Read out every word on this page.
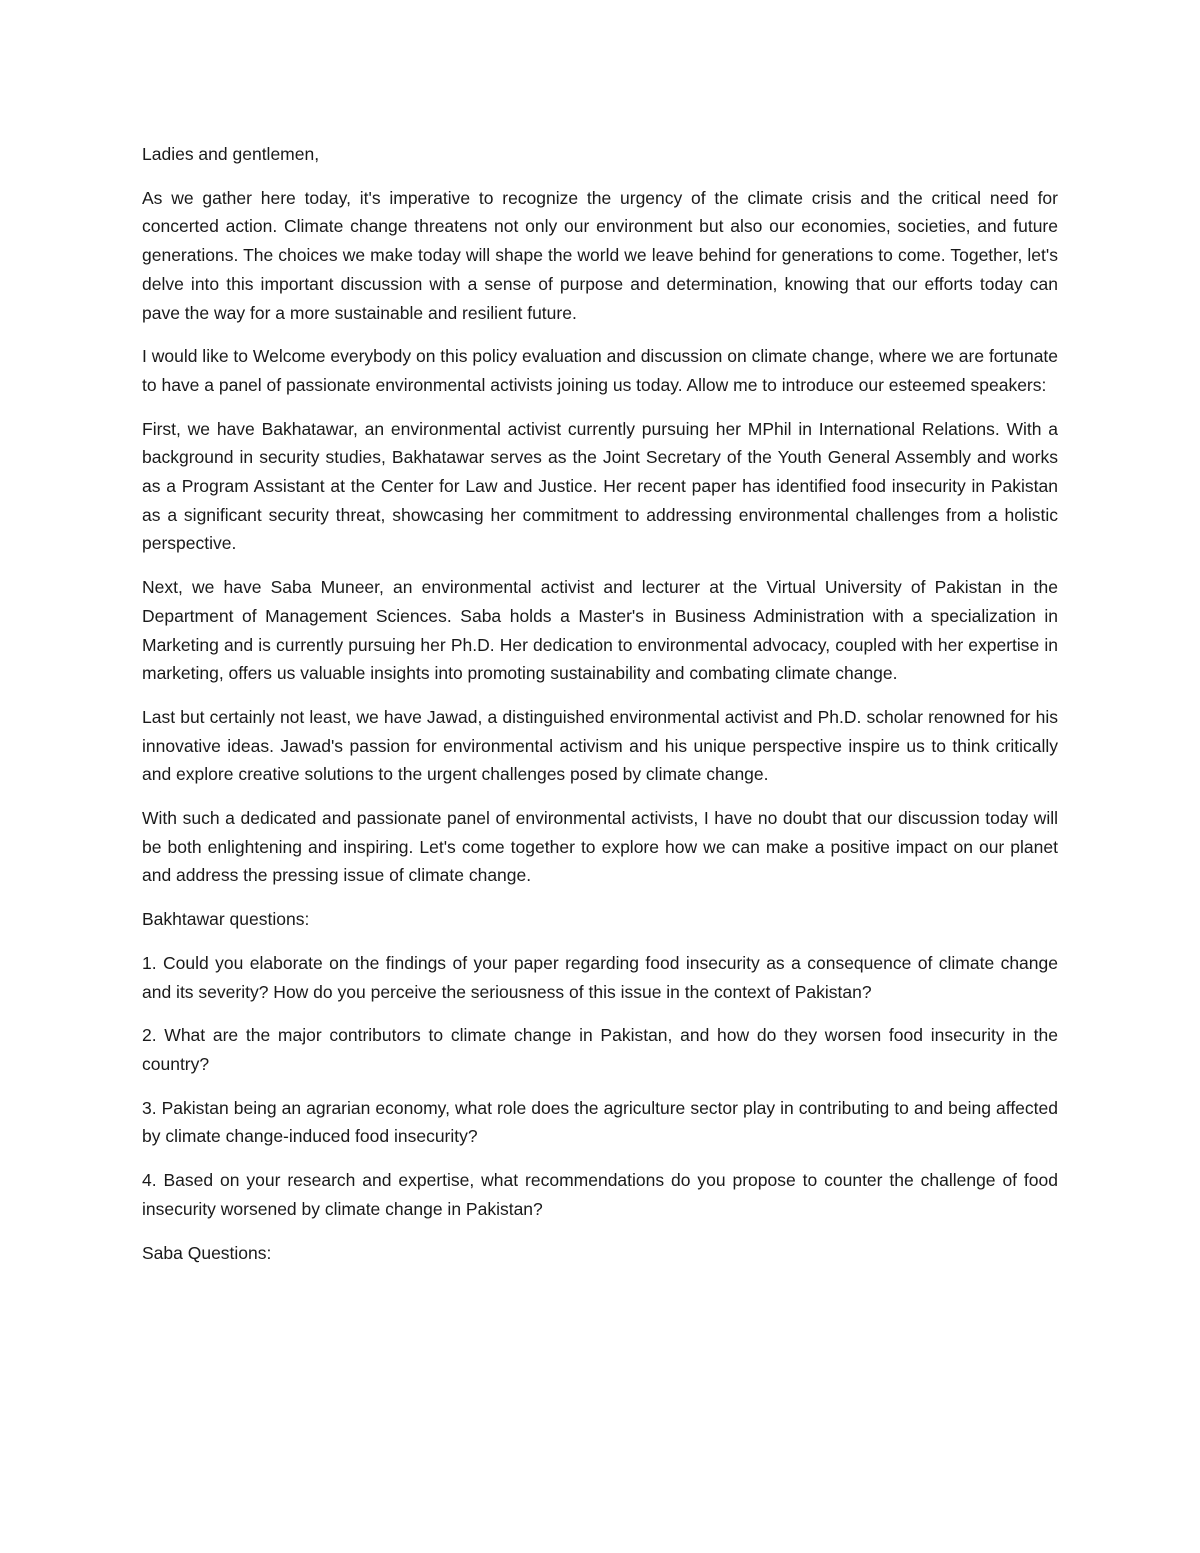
Ladies and gentlemen,

As we gather here today, it's imperative to recognize the urgency of the climate crisis and the critical need for concerted action. Climate change threatens not only our environment but also our economies, societies, and future generations. The choices we make today will shape the world we leave behind for generations to come. Together, let's delve into this important discussion with a sense of purpose and determination, knowing that our efforts today can pave the way for a more sustainable and resilient future.

I would like to Welcome everybody on this policy evaluation and discussion on climate change, where we are fortunate to have a panel of passionate environmental activists joining us today. Allow me to introduce our esteemed speakers:

First, we have Bakhatawar, an environmental activist currently pursuing her MPhil in International Relations. With a background in security studies, Bakhatawar serves as the Joint Secretary of the Youth General Assembly and works as a Program Assistant at the Center for Law and Justice. Her recent paper has identified food insecurity in Pakistan as a significant security threat, showcasing her commitment to addressing environmental challenges from a holistic perspective.

Next, we have Saba Muneer, an environmental activist and lecturer at the Virtual University of Pakistan in the Department of Management Sciences. Saba holds a Master's in Business Administration with a specialization in Marketing and is currently pursuing her Ph.D. Her dedication to environmental advocacy, coupled with her expertise in marketing, offers us valuable insights into promoting sustainability and combating climate change.

Last but certainly not least, we have Jawad, a distinguished environmental activist and Ph.D. scholar renowned for his innovative ideas. Jawad's passion for environmental activism and his unique perspective inspire us to think critically and explore creative solutions to the urgent challenges posed by climate change.

With such a dedicated and passionate panel of environmental activists, I have no doubt that our discussion today will be both enlightening and inspiring. Let's come together to explore how we can make a positive impact on our planet and address the pressing issue of climate change.

Bakhtawar questions:

1. Could you elaborate on the findings of your paper regarding food insecurity as a consequence of climate change and its severity? How do you perceive the seriousness of this issue in the context of Pakistan?

2. What are the major contributors to climate change in Pakistan, and how do they worsen food insecurity in the country?

3. Pakistan being an agrarian economy, what role does the agriculture sector play in contributing to and being affected by climate change-induced food insecurity?

4. Based on your research and expertise, what recommendations do you propose to counter the challenge of food insecurity worsened by climate change in Pakistan?

Saba Questions:
